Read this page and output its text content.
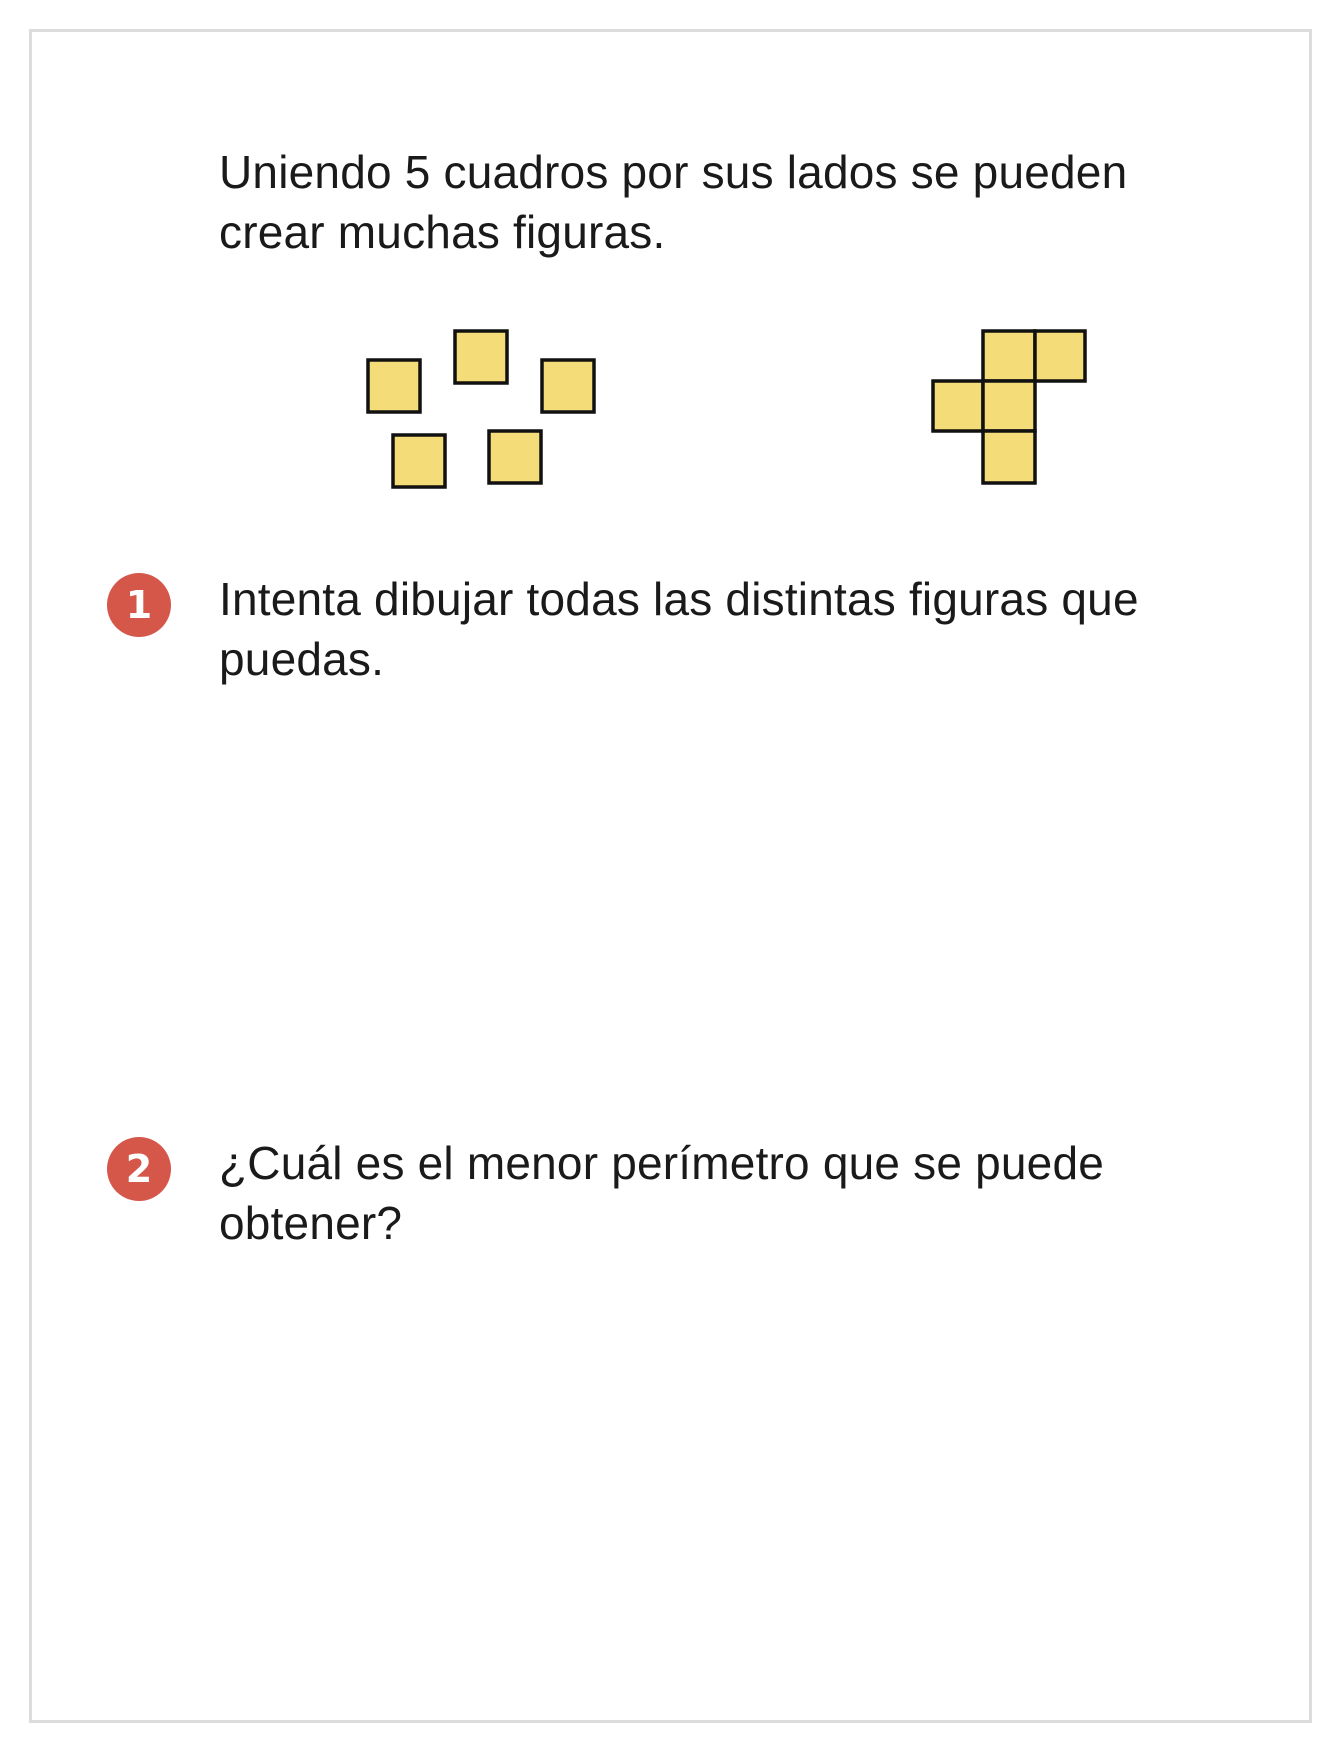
Uniendo 5 cuadros por sus lados se pueden crear muchas figuras.
1	Intenta dibujar todas las distintas figuras que puedas.
2	¿Cuál es el menor perímetro que se puede obtener?
